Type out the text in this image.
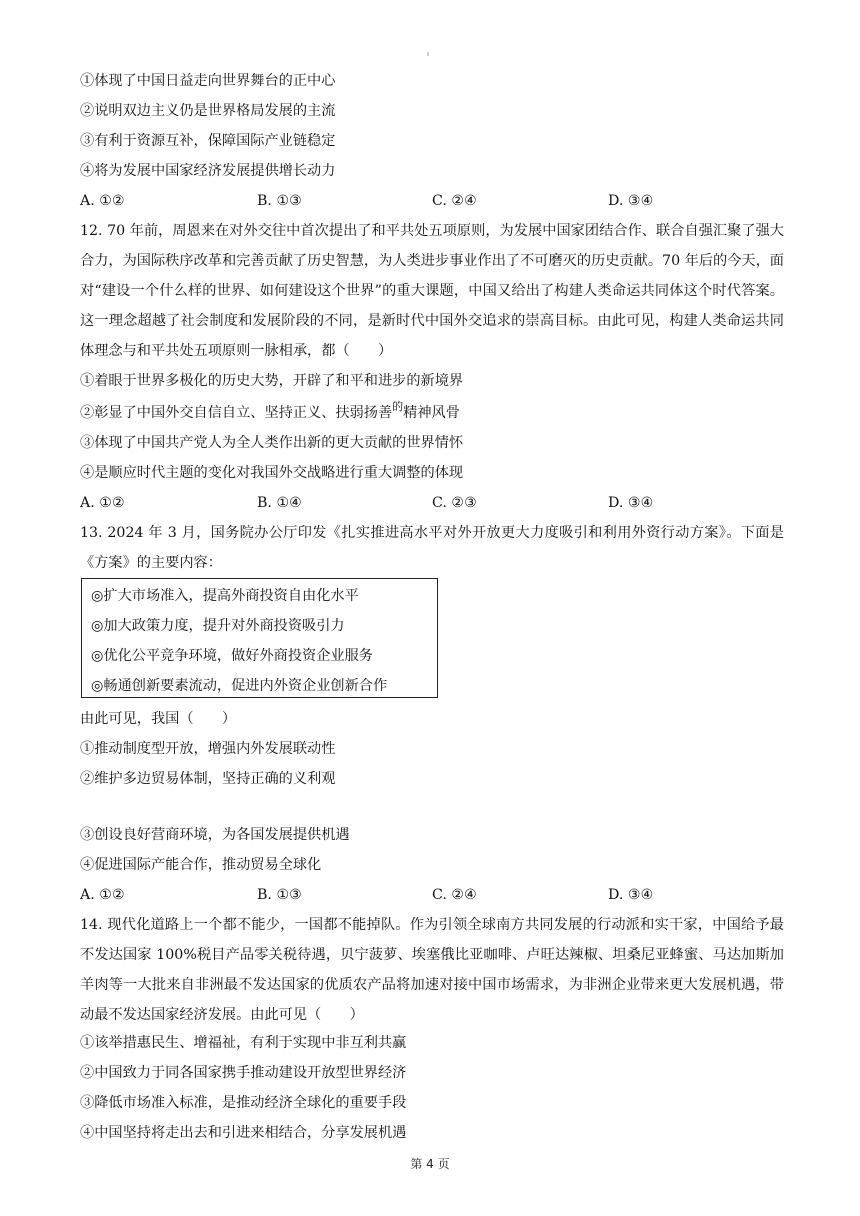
ı
①体现了中国日益走向世界舞台的正中心
②说明双边主义仍是世界格局发展的主流
③有利于资源互补，保障国际产业链稳定
④将为发展中国家经济发展提供增长动力
A. ①②	B. ①③	C. ②④	D. ③④
12. 70 年前，周恩来在对外交往中首次提出了和平共处五项原则，为发展中国家团结合作、联合自强汇聚了强大合力，为国际秩序改革和完善贡献了历史智慧，为人类进步事业作出了不可磨灭的历史贡献。70 年后的今天，面对“建设一个什么样的世界、如何建设这个世界”的重大课题，中国又给出了构建人类命运共同体这个时代答案。这一理念超越了社会制度和发展阶段的不同，是新时代中国外交追求的崇高目标。由此可见，构建人类命运共同体理念与和平共处五项原则一脉相承，都（　　）
①着眼于世界多极化的历史大势，开辟了和平和进步的新境界
②彰显了中国外交自信自立、坚持正义、扶弱扬善$^的$精神风骨
③体现了中国共产党人为全人类作出新的更大贡献的世界情怀
④是顺应时代主题的变化对我国外交战略进行重大调整的体现
A. ①②	B. ①④	C. ②③	D. ③④
13. 2024 年 3 月，国务院办公厅印发《扎实推进高水平对外开放更大力度吸引和利用外资行动方案》。下面是《方案》的主要内容：
◎扩大市场准入，提高外商投资自由化水平
◎加大政策力度，提升对外商投资吸引力
◎优化公平竞争环境，做好外商投资企业服务
◎畅通创新要素流动，促进内外资企业创新合作
由此可见，我国（　　）
①推动制度型开放，增强内外发展联动性
②维护多边贸易体制，坚持正确的义利观
③创设良好营商环境，为各国发展提供机遇
④促进国际产能合作，推动贸易全球化
A. ①②	B. ①③	C. ②④	D. ③④
14. 现代化道路上一个都不能少，一国都不能掉队。作为引领全球南方共同发展的行动派和实干家，中国给予最不发达国家 100%税目产品零关税待遇，贝宁菠萝、埃塞俄比亚咖啡、卢旺达辣椒、坦桑尼亚蜂蜜、马达加斯加羊肉等一大批来自非洲最不发达国家的优质农产品将加速对接中国市场需求，为非洲企业带来更大发展机遇，带动最不发达国家经济发展。由此可见（　　）
①该举措惠民生、增福祉，有利于实现中非互利共赢
②中国致力于同各国家携手推动建设开放型世界经济
③降低市场准入标准，是推动经济全球化的重要手段
④中国坚持将走出去和引进来相结合，分享发展机遇
第 4 页
